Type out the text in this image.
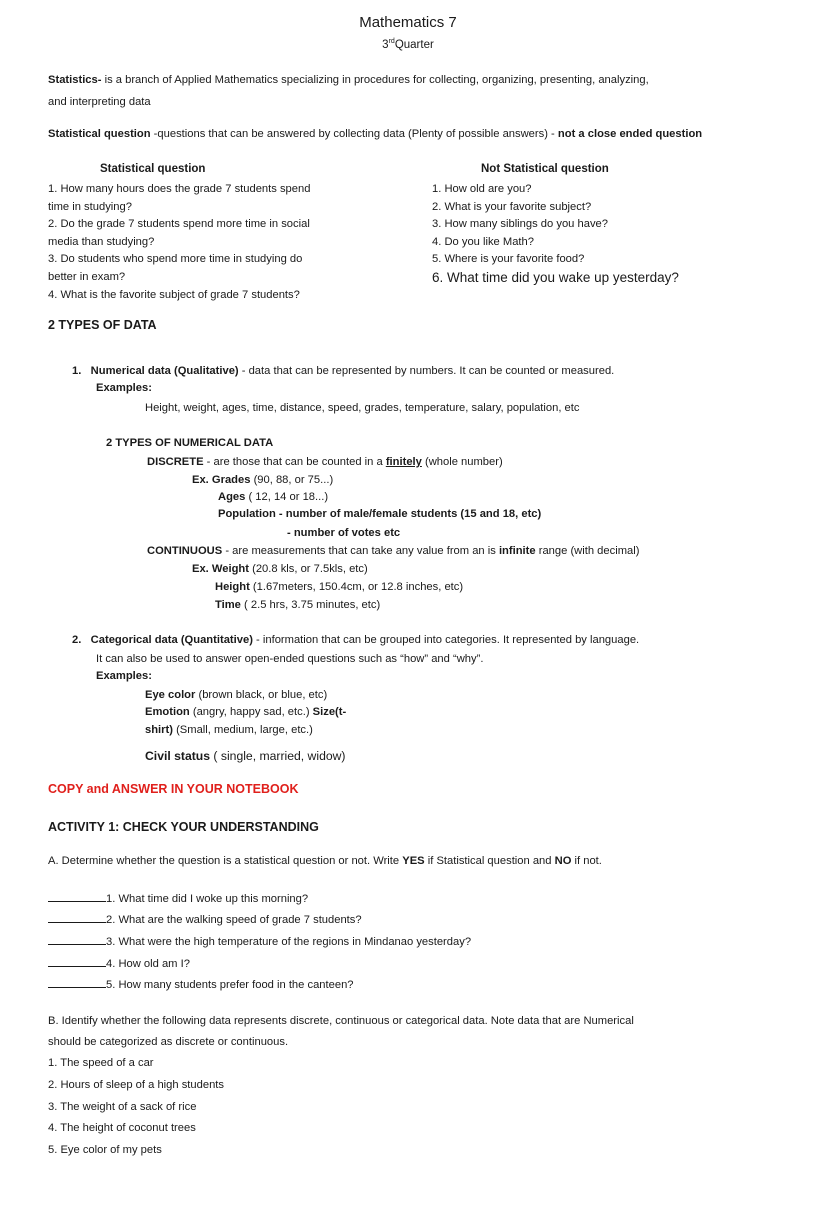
Mathematics 7
3rdQuarter
Statistics- is a branch of Applied Mathematics specializing in procedures for collecting, organizing, presenting, analyzing,
and interpreting data
Statistical question -questions that can be answered by collecting data (Plenty of possible answers) - not a close ended question
Statistical question	Not Statistical question
1. How many hours does the grade 7 students spend
time in studying?
2. Do the grade 7 students spend more time in social
media than studying?
3. Do students who spend more time in studying do
better in exam?
4. What is the favorite subject of grade 7 students?
1. How old are you?
2. What is your favorite subject?
3. How many siblings do you have?
4. Do you like Math?
5. Where is your favorite food?
6. What time did you wake up yesterday?
2 TYPES OF DATA
1. Numerical data (Qualitative) - data that can be represented by numbers. It can be counted or measured.
Examples:
Height, weight, ages, time, distance, speed, grades, temperature, salary, population, etc
2 TYPES OF NUMERICAL DATA
DISCRETE - are those that can be counted in a finitely (whole number)
Ex. Grades (90, 88, or 75...)
Ages ( 12, 14 or 18...)
Population - number of male/female students (15 and 18, etc)
- number of votes etc
CONTINUOUS - are measurements that can take any value from an is infinite range (with decimal)
Ex. Weight (20.8 kls, or 7.5kls, etc)
Height (1.67meters, 150.4cm, or 12.8 inches, etc)
Time ( 2.5 hrs, 3.75 minutes, etc)
2. Categorical data (Quantitative) - information that can be grouped into categories. It represented by language.
It can also be used to answer open-ended questions such as “how” and “why”.
Examples:
Eye color (brown black, or blue, etc)
Emotion (angry, happy sad, etc.) Size(t-
shirt) (Small, medium, large, etc.)
Civil status ( single, married, widow)
COPY and ANSWER IN YOUR NOTEBOOK
ACTIVITY 1: CHECK YOUR UNDERSTANDING
A. Determine whether the question is a statistical question or not. Write YES if Statistical question and NO if not.
1. What time did I woke up this morning?
2. What are the walking speed of grade 7 students?
3. What were the high temperature of the regions in Mindanao yesterday?
4. How old am I?
5. How many students prefer food in the canteen?
B. Identify whether the following data represents discrete, continuous or categorical data. Note data that are Numerical
should be categorized as discrete or continuous.
1. The speed of a car
2. Hours of sleep of a high students
3. The weight of a sack of rice
4. The height of coconut trees
5. Eye color of my pets
